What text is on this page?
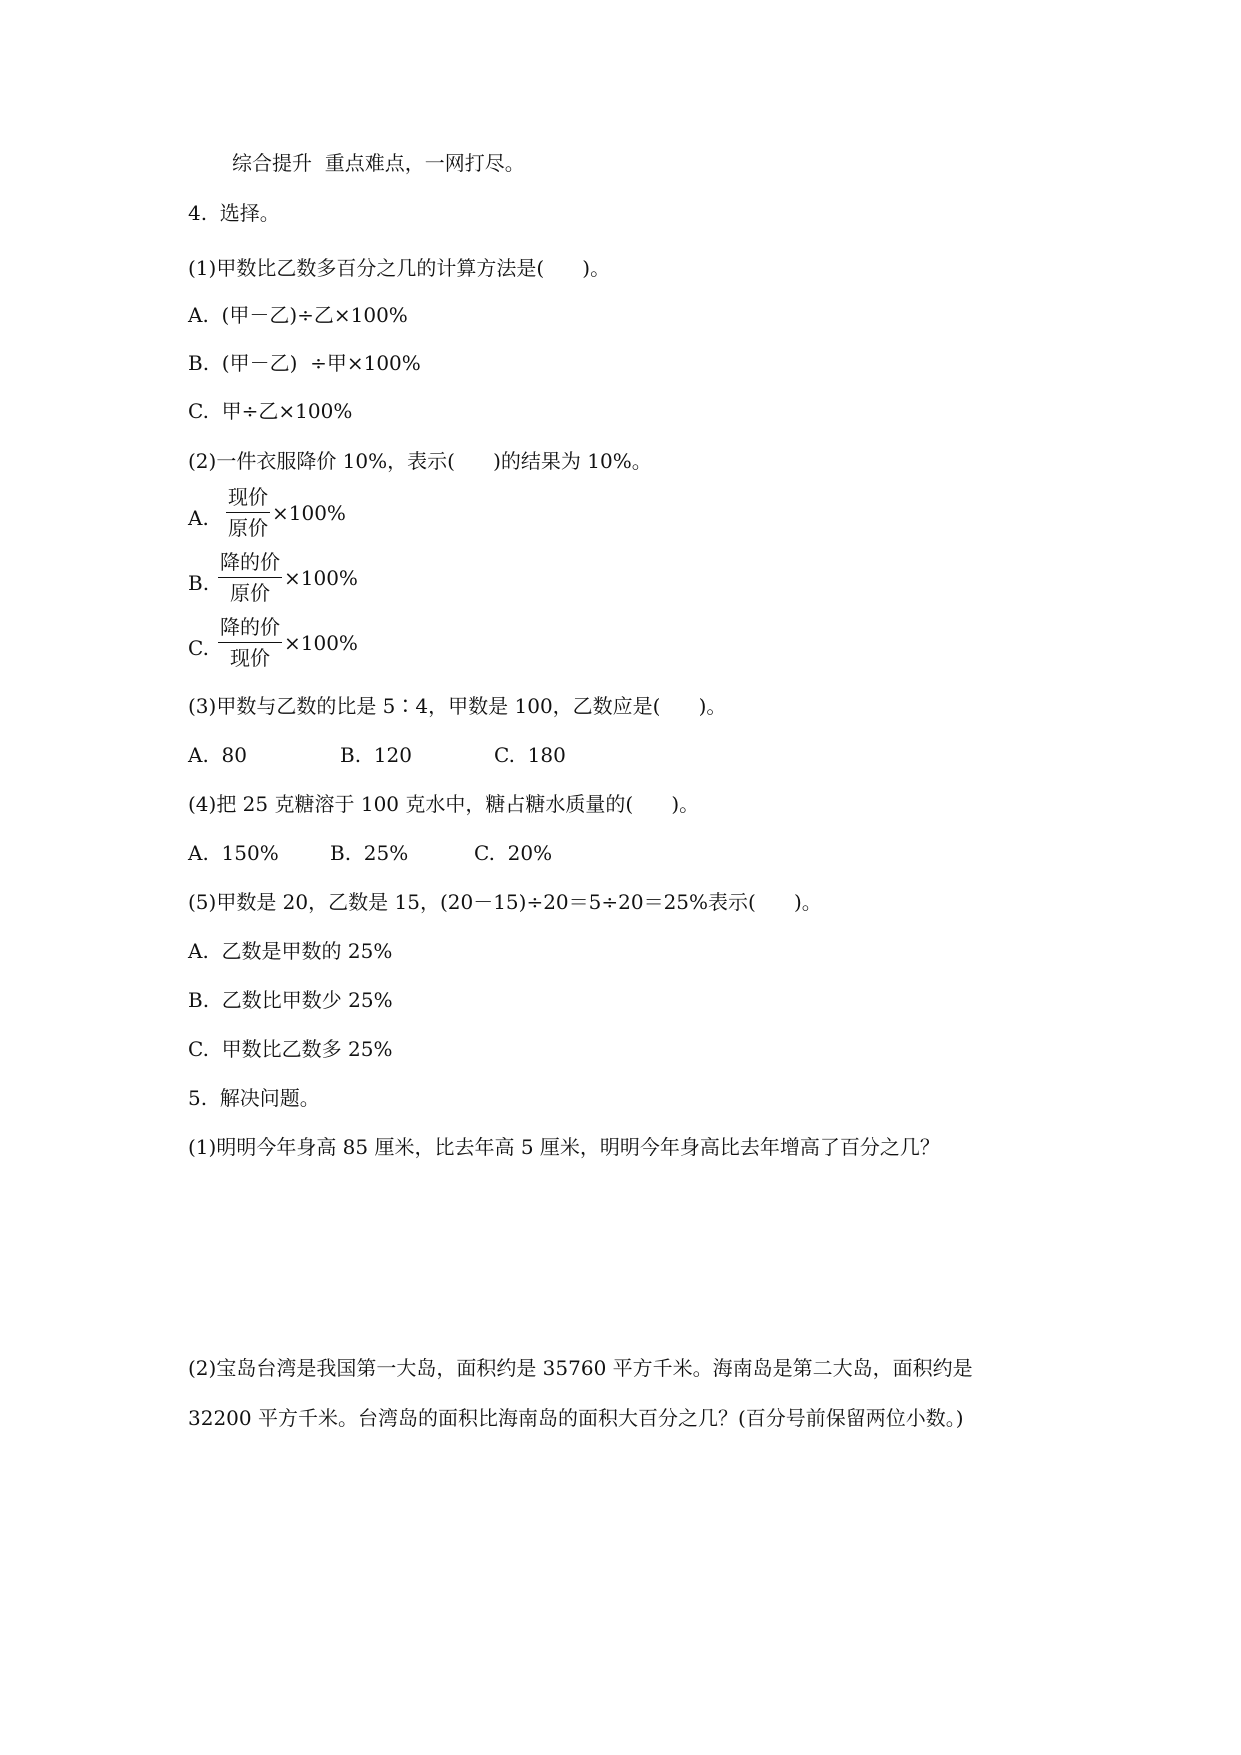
综合提升  重点难点，一网打尽。
4.  选择。
(1)甲数比乙数多百分之几的计算方法是(      )。
A.  (甲－乙)÷乙×100%
B.  (甲－乙)  ÷甲×100%
C.  甲÷乙×100%
(2)一件衣服降价 10%，表示(      )的结果为 10%。
A. $\frac{\text{现价}}{\text{原价}} \times 100\%$
B. $\frac{\text{降的价}}{\text{原价}} \times 100\%$
C. $\frac{\text{降的价}}{\text{现价}} \times 100\%$
(3)甲数与乙数的比是 5∶4，甲数是 100，乙数应是(      )。
A.  80	B.  120	C.  180
(4)把 25 克糖溶于 100 克水中，糖占糖水质量的(      )。
A.  150%	B.  25%	C.  20%
(5)甲数是 20，乙数是 15，(20－15)÷20＝5÷20＝25%表示(      )。
A.  乙数是甲数的 25%
B.  乙数比甲数少 25%
C.  甲数比乙数多 25%
5.  解决问题。
(1)明明今年身高 85 厘米，比去年高 5 厘米，明明今年身高比去年增高了百分之几？
(2)宝岛台湾是我国第一大岛，面积约是 35760 平方千米。海南岛是第二大岛，面积约是
32200 平方千米。台湾岛的面积比海南岛的面积大百分之几？(百分号前保留两位小数。)
